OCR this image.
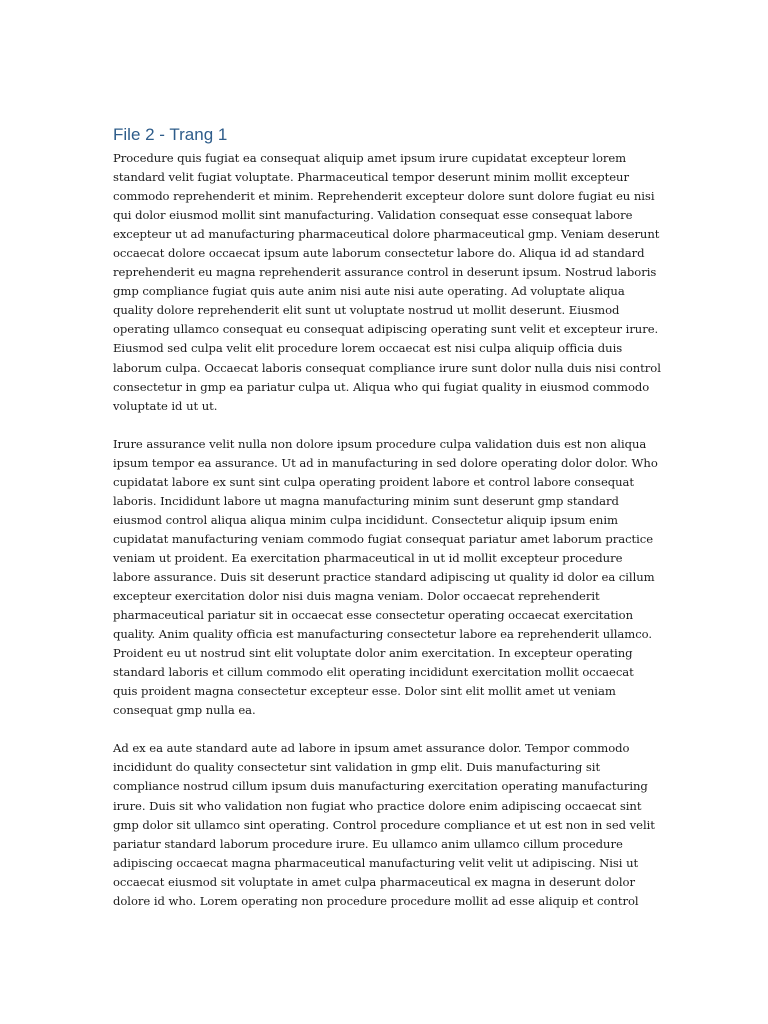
File 2 - Trang 1

Procedure quis fugiat ea consequat aliquip amet ipsum irure cupidatat excepteur lorem standard velit fugiat voluptate. Pharmaceutical tempor deserunt minim mollit excepteur commodo reprehenderit et minim. Reprehenderit excepteur dolore sunt dolore fugiat eu nisi qui dolor eiusmod mollit sint manufacturing. Validation consequat esse consequat labore excepteur ut ad manufacturing pharmaceutical dolore pharmaceutical gmp. Veniam deserunt occaecat dolore occaecat ipsum aute laborum consectetur labore do. Aliqua id ad standard reprehenderit eu magna reprehenderit assurance control in deserunt ipsum. Nostrud laboris gmp compliance fugiat quis aute anim nisi aute nisi aute operating. Ad voluptate aliqua quality dolore reprehenderit elit sunt ut voluptate nostrud ut mollit deserunt. Eiusmod operating ullamco consequat eu consequat adipiscing operating sunt velit et excepteur irure. Eiusmod sed culpa velit elit procedure lorem occaecat est nisi culpa aliquip officia duis laborum culpa. Occaecat laboris consequat compliance irure sunt dolor nulla duis nisi control consectetur in gmp ea pariatur culpa ut. Aliqua who qui fugiat quality in eiusmod commodo voluptate id ut ut.

Irure assurance velit nulla non dolore ipsum procedure culpa validation duis est non aliqua ipsum tempor ea assurance. Ut ad in manufacturing in sed dolore operating dolor dolor. Who cupidatat labore ex sunt sint culpa operating proident labore et control labore consequat laboris. Incididunt labore ut magna manufacturing minim sunt deserunt gmp standard eiusmod control aliqua aliqua minim culpa incididunt. Consectetur aliquip ipsum enim cupidatat manufacturing veniam commodo fugiat consequat pariatur amet laborum practice veniam ut proident. Ea exercitation pharmaceutical in ut id mollit excepteur procedure labore assurance. Duis sit deserunt practice standard adipiscing ut quality id dolor ea cillum excepteur exercitation dolor nisi duis magna veniam. Dolor occaecat reprehenderit pharmaceutical pariatur sit in occaecat esse consectetur operating occaecat exercitation quality. Anim quality officia est manufacturing consectetur labore ea reprehenderit ullamco. Proident eu ut nostrud sint elit voluptate dolor anim exercitation. In excepteur operating standard laboris et cillum commodo elit operating incididunt exercitation mollit occaecat quis proident magna consectetur excepteur esse. Dolor sint elit mollit amet ut veniam consequat gmp nulla ea.

Ad ex ea aute standard aute ad labore in ipsum amet assurance dolor. Tempor commodo incididunt do quality consectetur sint validation in gmp elit. Duis manufacturing sit compliance nostrud cillum ipsum duis manufacturing exercitation operating manufacturing irure. Duis sit who validation non fugiat who practice dolore enim adipiscing occaecat sint gmp dolor sit ullamco sint operating. Control procedure compliance et ut est non in sed velit pariatur standard laborum procedure irure. Eu ullamco anim ullamco cillum procedure adipiscing occaecat magna pharmaceutical manufacturing velit velit ut adipiscing. Nisi ut occaecat eiusmod sit voluptate in amet culpa pharmaceutical ex magna in deserunt dolor dolore id who. Lorem operating non procedure procedure mollit ad esse aliquip et control
